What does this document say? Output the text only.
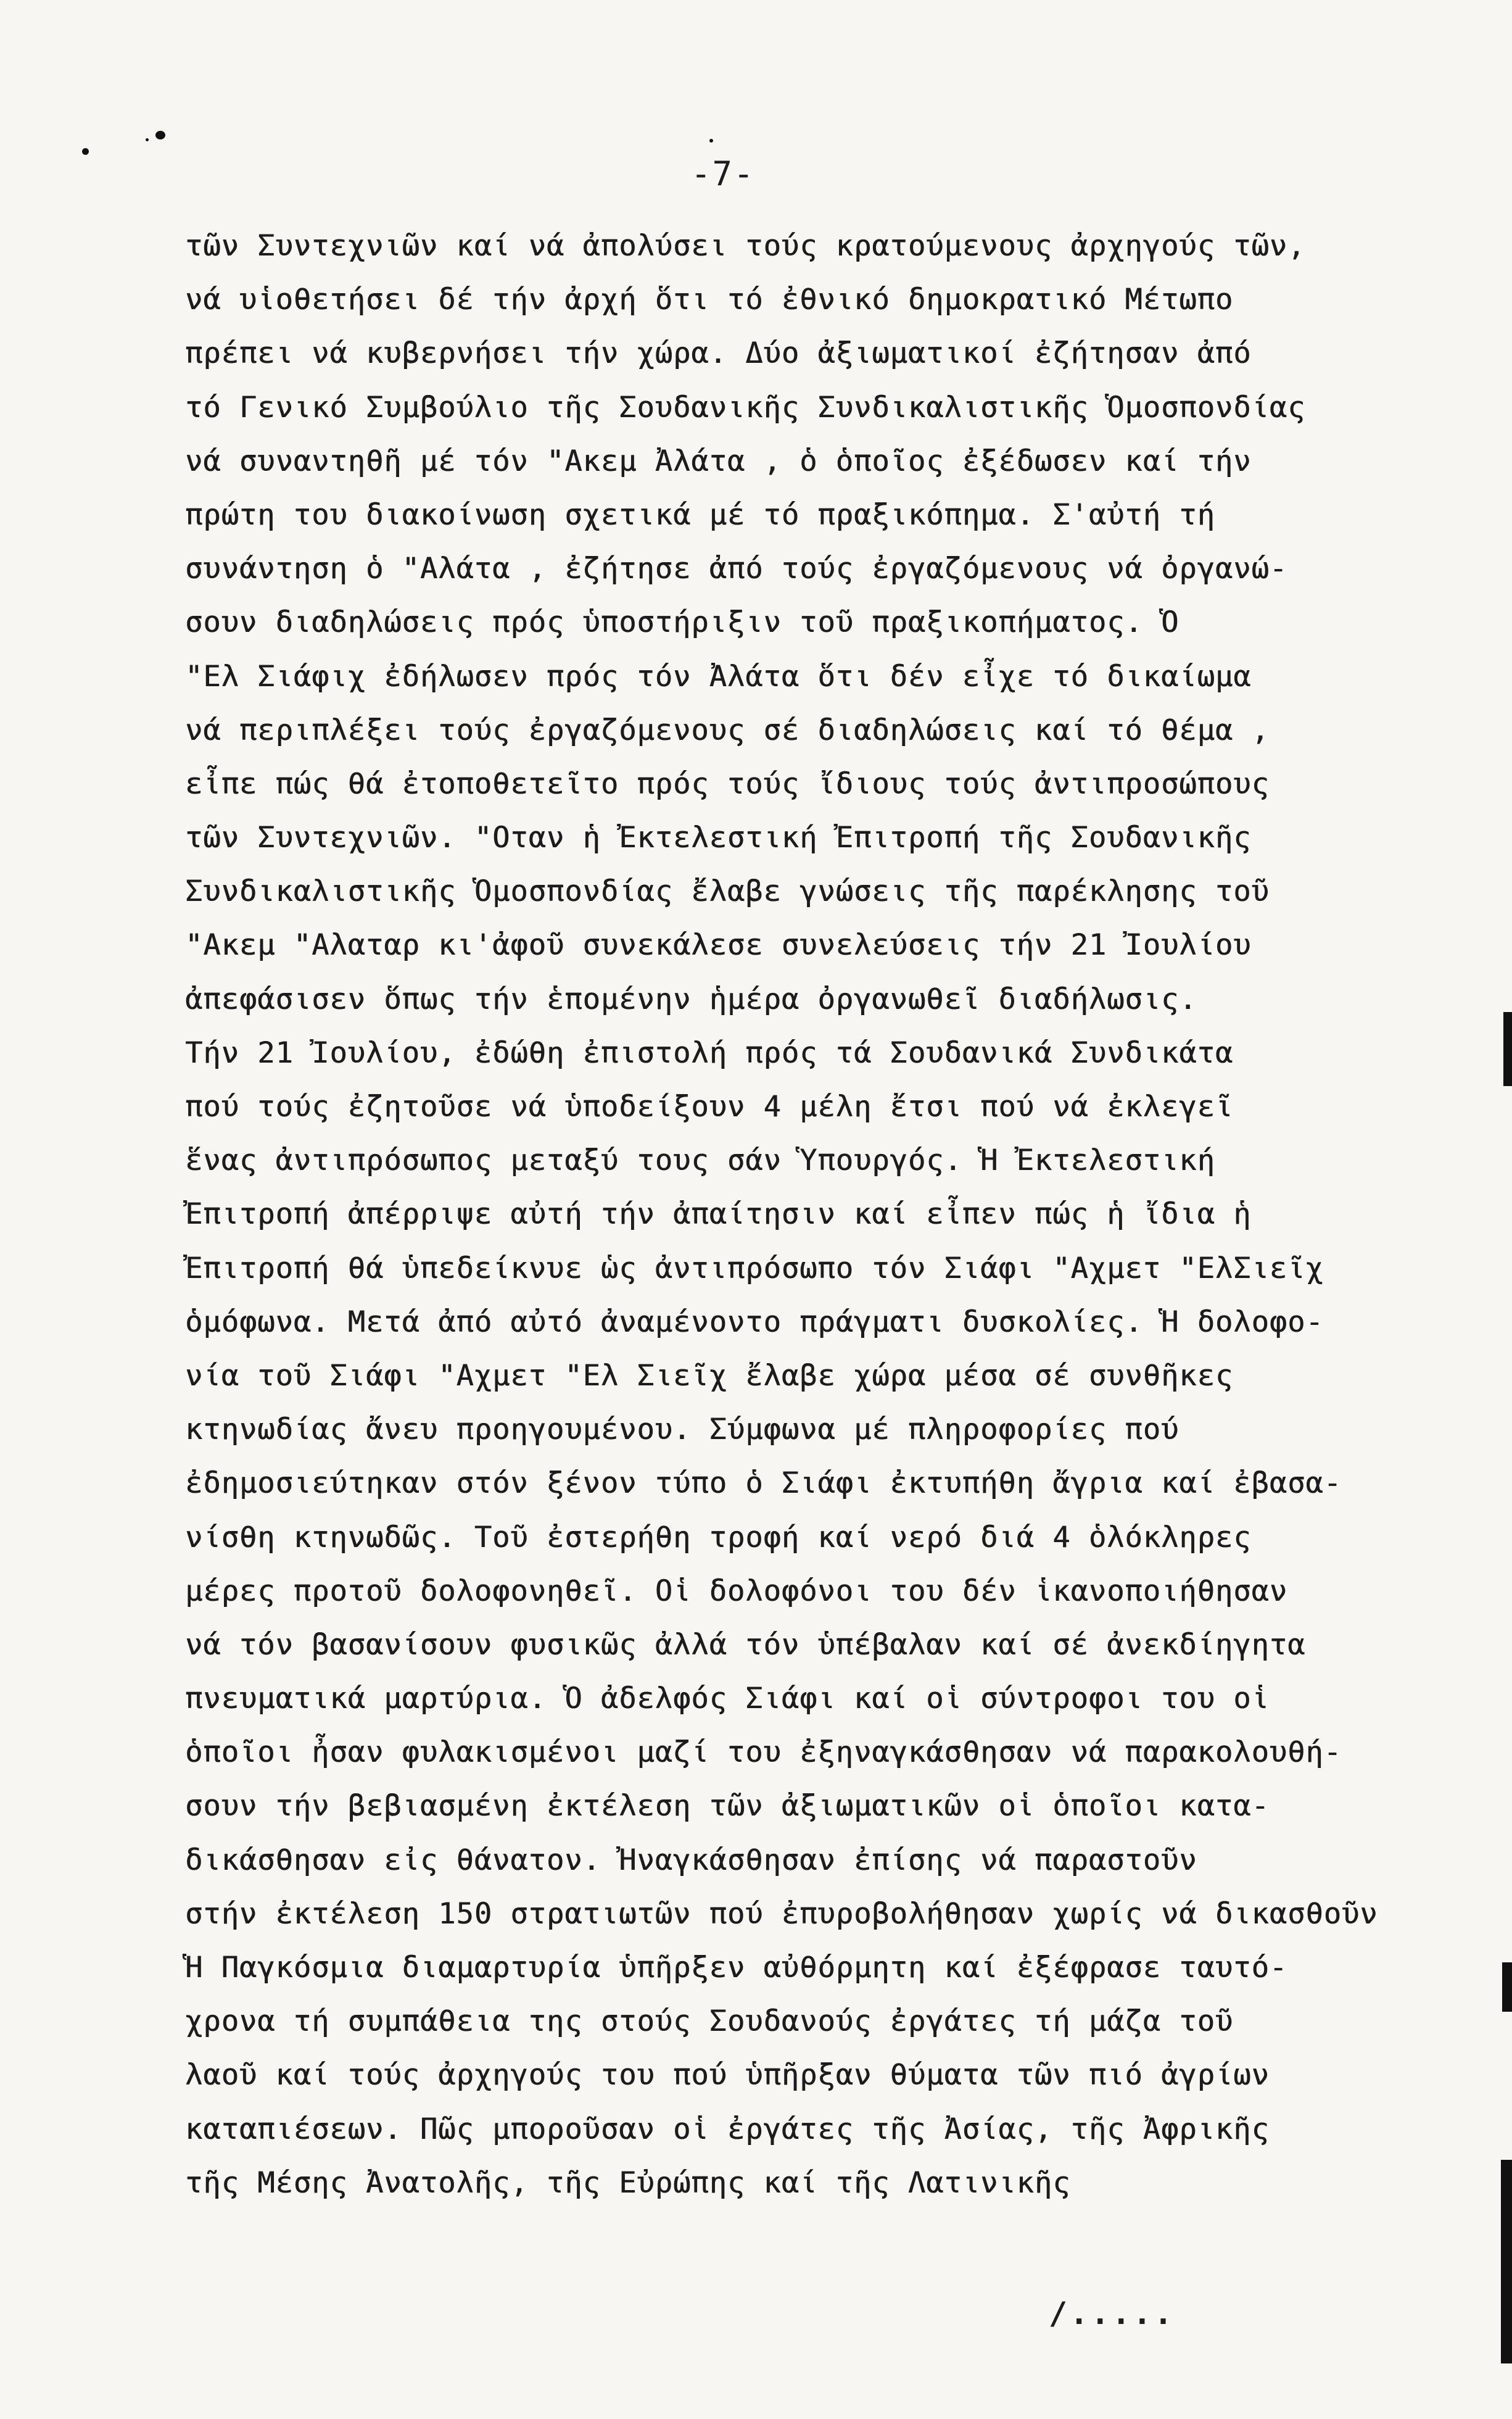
-7-
τῶν Συντεχνιῶν καί νά ἀπολύσει τούς κρατούμενους ἀρχηγούς τῶν,
νά υἱοθετήσει δέ τήν ἀρχή ὅτι τό ἐθνικό δημοκρατικό Μέτωπο
πρέπει νά κυβερνήσει τήν χώρα. Δύο ἀξιωματικοί ἐζήτησαν ἀπό
τό Γενικό Συμβούλιο τῆς Σουδανικῆς Συνδικαλιστικῆς Ὁμοσπονδίας
νά συναντηθῆ μέ τόν "Ακεμ Ἀλάτα , ὁ ὁποῖος ἐξέδωσεν καί τήν
πρώτη του διακοίνωση σχετικά μέ τό πραξικόπημα. Σ'αὐτή τή
συνάντηση ὁ "Αλάτα , ἐζήτησε ἀπό τούς ἐργαζόμενους νά ὀργανώ-
σουν διαδηλώσεις πρός ὑποστήριξιν τοῦ πραξικοπήματος. Ὁ
"Ελ Σιάφιχ ἐδήλωσεν πρός τόν Ἀλάτα ὅτι δέν εἶχε τό δικαίωμα
νά περιπλέξει τούς ἐργαζόμενους σέ διαδηλώσεις καί τό θέμα ,
εἶπε πώς θά ἐτοποθετεῖτο πρός τούς ἴδιους τούς ἀντιπροσώπους
τῶν Συντεχνιῶν. "Οταν ἡ Ἐκτελεστική Ἐπιτροπή τῆς Σουδανικῆς
Συνδικαλιστικῆς Ὁμοσπονδίας ἔλαβε γνώσεις τῆς παρέκλησης τοῦ
"Ακεμ "Αλαταρ κι'ἀφοῦ συνεκάλεσε συνελεύσεις τήν 21 Ἰουλίου
ἀπεφάσισεν ὅπως τήν ἑπομένην ἡμέρα ὀργανωθεῖ διαδήλωσις.
Τήν 21 Ἰουλίου, ἐδώθη ἐπιστολή πρός τά Σουδανικά Συνδικάτα
πού τούς ἐζητοῦσε νά ὑποδείξουν 4 μέλη ἔτσι πού νά ἐκλεγεῖ
ἕνας ἀντιπρόσωπος μεταξύ τους σάν Ὑπουργός. Ἡ Ἐκτελεστική
Ἐπιτροπή ἀπέρριψε αὐτή τήν ἀπαίτησιν καί εἶπεν πώς ἡ ἴδια ἡ
Ἐπιτροπή θά ὑπεδείκνυε ὡς ἀντιπρόσωπο τόν Σιάφι "Αχμετ "ΕλΣιεῖχ
ὁμόφωνα. Μετά ἀπό αὐτό ἀναμένοντο πράγματι δυσκολίες. Ἡ δολοφο-
νία τοῦ Σιάφι "Αχμετ "Ελ Σιεῖχ ἔλαβε χώρα μέσα σέ συνθῆκες
κτηνωδίας ἄνευ προηγουμένου. Σύμφωνα μέ πληροφορίες πού
ἐδημοσιεύτηκαν στόν ξένον τύπο ὁ Σιάφι ἐκτυπήθη ἄγρια καί ἐβασα-
νίσθη κτηνωδῶς. Τοῦ ἐστερήθη τροφή καί νερό διά 4 ὁλόκληρες
μέρες προτοῦ δολοφονηθεῖ. Οἱ δολοφόνοι του δέν ἱκανοποιήθησαν
νά τόν βασανίσουν φυσικῶς ἀλλά τόν ὑπέβαλαν καί σέ ἀνεκδίηγητα
πνευματικά μαρτύρια. Ὁ ἀδελφός Σιάφι καί οἱ σύντροφοι του οἱ
ὁποῖοι ἦσαν φυλακισμένοι μαζί του ἐξηναγκάσθησαν νά παρακολουθή-
σουν τήν βεβιασμένη ἐκτέλεση τῶν ἀξιωματικῶν οἱ ὁποῖοι κατα-
δικάσθησαν εἰς θάνατον. Ἠναγκάσθησαν ἐπίσης νά παραστοῦν
στήν ἐκτέλεση 150 στρατιωτῶν πού ἐπυροβολήθησαν χωρίς νά δικασθοῦν
Ἡ Παγκόσμια διαμαρτυρία ὑπῆρξεν αὐθόρμητη καί ἐξέφρασε ταυτό-
χρονα τή συμπάθεια της στούς Σουδανούς ἐργάτες τή μάζα τοῦ
λαοῦ καί τούς ἀρχηγούς του πού ὑπῆρξαν θύματα τῶν πιό ἀγρίων
καταπιέσεων. Πῶς μποροῦσαν οἱ ἐργάτες τῆς Ἀσίας, τῆς Ἀφρικῆς
τῆς Μέσης Ἀνατολῆς, τῆς Εὐρώπης καί τῆς Λατινικῆς
/.....
